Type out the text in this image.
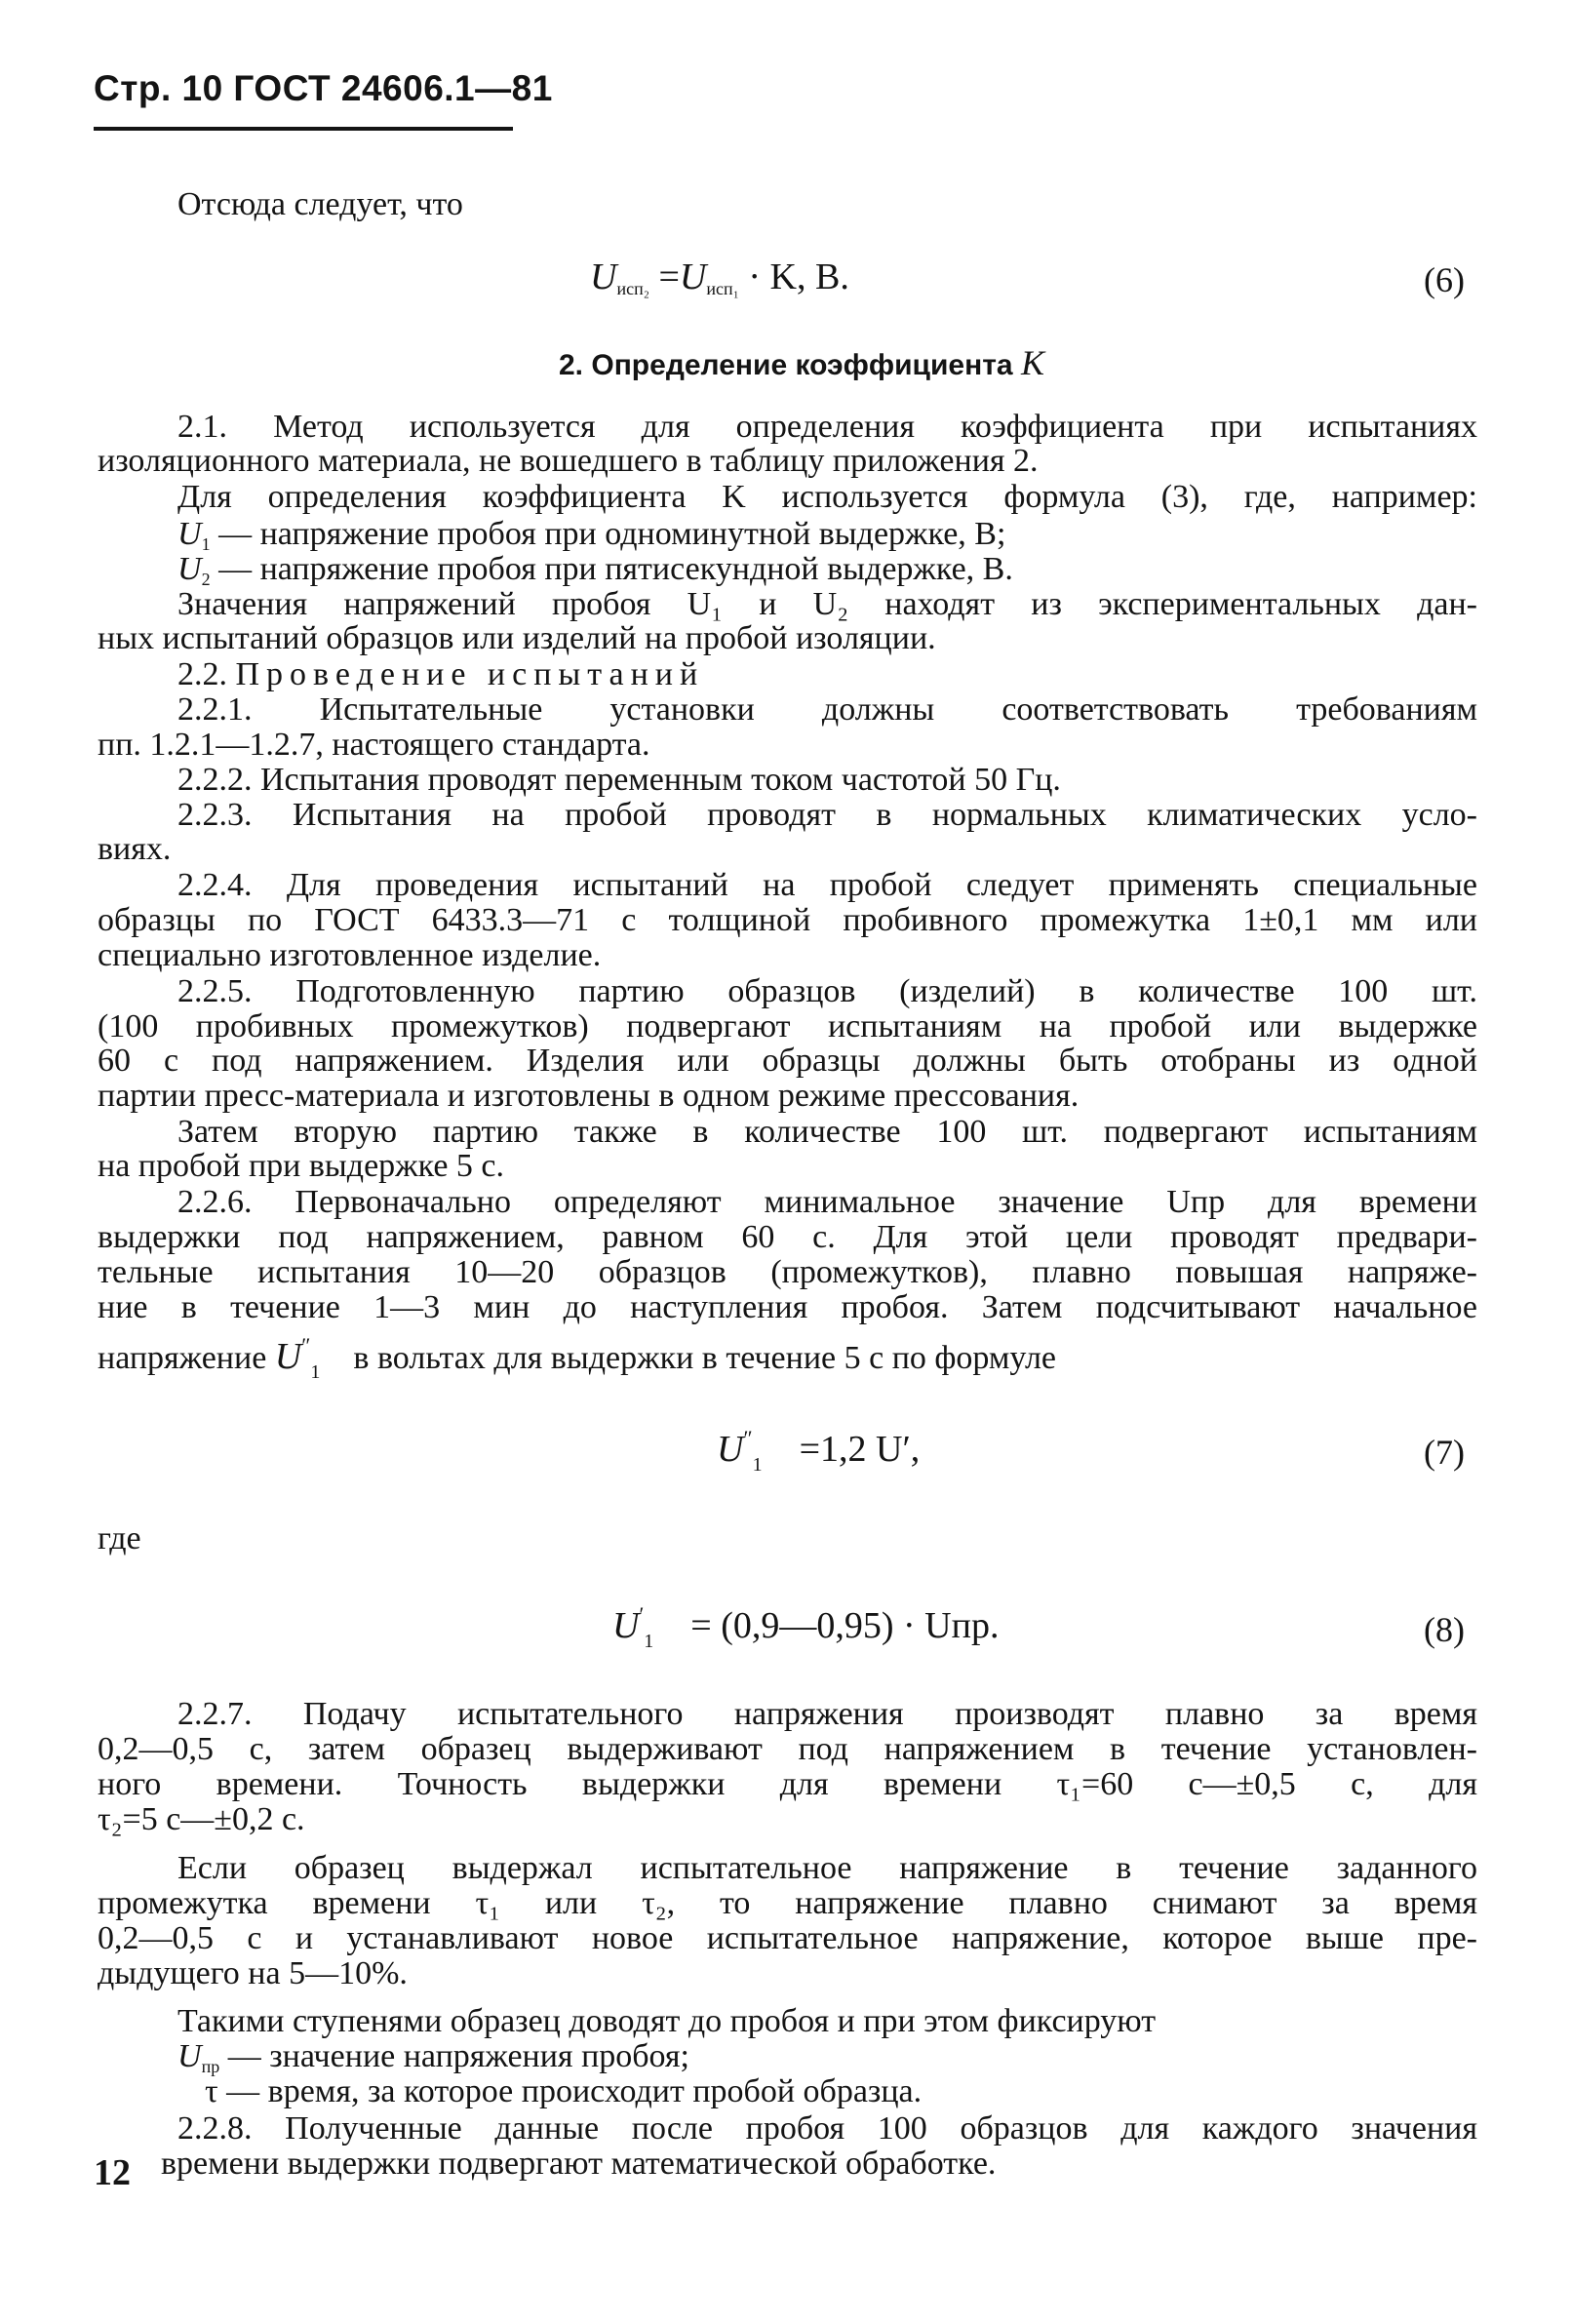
Стр. 10 ГОСТ 24606.1—81
Отсюда следует, что
$U_{исп_2} =U_{исп_1} \cdot K$, В.	(6)
2. Определение коэффициента K
2.1. Метод используется для определения коэффициента при испытаниях
изоляционного материала, не вошедшего в таблицу приложения 2.
Для определения коэффициента K используется формула (3), где, например:
$U_1$ — напряжение пробоя при одноминутной выдержке, В;
$U_2$ — напряжение пробоя при пятисекундной выдержке, В.
Значения напряжений пробоя U₁ и U₂ находят из экспериментальных дан-
ных испытаний образцов или изделий на пробой изоляции.
2.2. Проведение испытаний
2.2.1. Испытательные установки должны соответствовать требованиям
пп. 1.2.1—1.2.7, настоящего стандарта.
2.2.2. Испытания проводят переменным током частотой 50 Гц.
2.2.3. Испытания на пробой проводят в нормальных климатических усло-
виях.
2.2.4. Для проведения испытаний на пробой следует применять специальные
образцы по ГОСТ 6433.3—71 с толщиной пробивного промежутка 1±0,1 мм или
специально изготовленное изделие.
2.2.5. Подготовленную партию образцов (изделий) в количестве 100 шт.
(100 пробивных промежутков) подвергают испытаниям на пробой или выдержке
60 с под напряжением. Изделия или образцы должны быть отобраны из одной
партии пресс-материала и изготовлены в одном режиме прессования.
Затем вторую партию также в количестве 100 шт. подвергают испытаниям
на пробой при выдержке 5 с.
2.2.6. Первоначально определяют минимальное значение Uпр для времени
выдержки под напряжением, равном 60 с. Для этой цели проводят предвари-
тельные испытания 10—20 образцов (промежутков), плавно повышая напряже-
ние в течение 1—3 мин до наступления пробоя. Затем подсчитывают начальное
напряжение $U''_1$    в вольтах для выдержки в течение 5 с по формуле
$U''_1 =1,2$ U′,	(7)
где
$U'_1$ = (0,9—0,95) · Uпр.	(8)
2.2.7. Подачу испытательного напряжения производят плавно за время
0,2—0,5 с, затем образец выдерживают под напряжением в течение установлен-
ного времени. Точность выдержки для времени τ₁=60 с—±0,5 с, для
τ₂=5 с—±0,2 с.
Если образец выдержал испытательное напряжение в течение заданного
промежутка времени τ₁ или τ₂, то напряжение плавно снимают за время
0,2—0,5 с и устанавливают новое испытательное напряжение, которое выше пре-
дыдущего на 5—10%.
Такими ступенями образец доводят до пробоя и при этом фиксируют
$U_{пр}$ — значение напряжения пробоя;
τ — время, за которое происходит пробой образца.
2.2.8. Полученные данные после пробоя 100 образцов для каждого значения
времени выдержки подвергают математической обработке.
12
